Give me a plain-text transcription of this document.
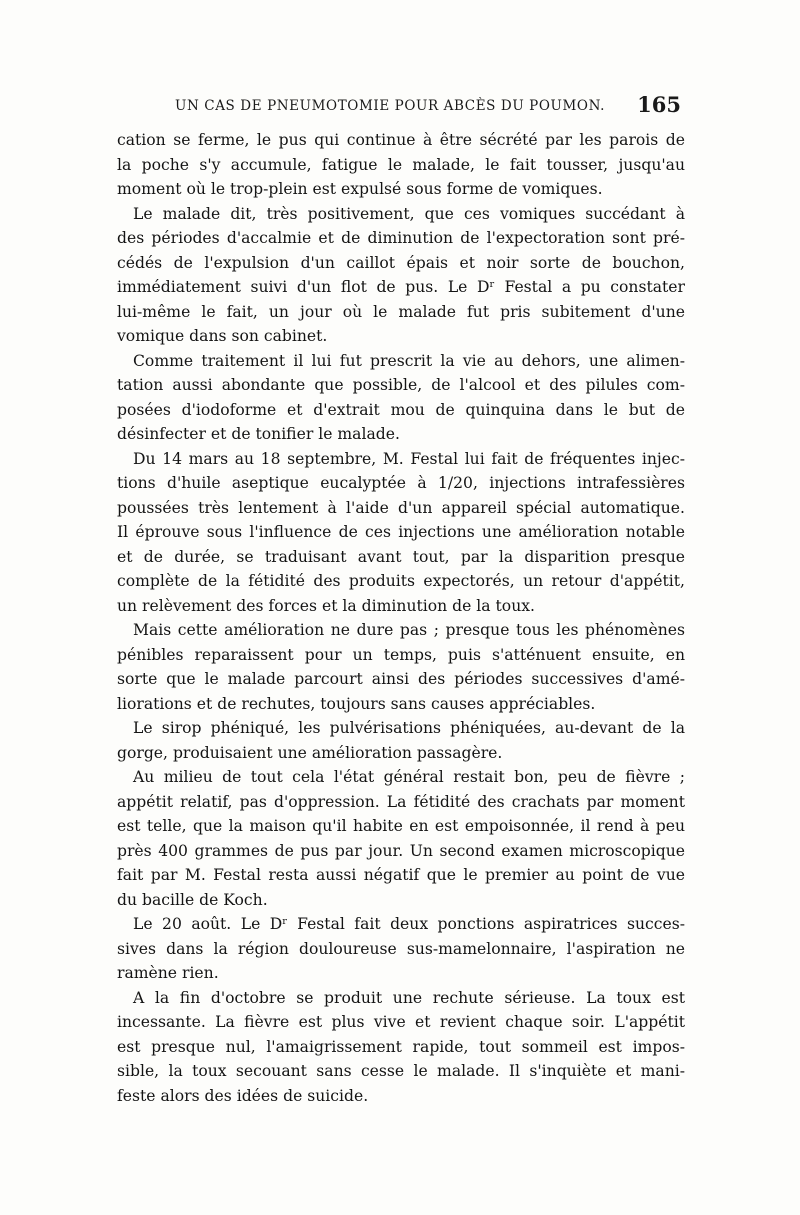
UN CAS DE PNEUMOTOMIE POUR ABCÈS DU POUMON. 165
cation se ferme, le pus qui continue à être sécrété par les parois de
la poche s'y accumule, fatigue le malade, le fait tousser, jusqu'au
moment où le trop-plein est expulsé sous forme de vomiques.
Le malade dit, très positivement, que ces vomiques succédant à
des périodes d'accalmie et de diminution de l'expectoration sont pré-
cédés de l'expulsion d'un caillot épais et noir sorte de bouchon,
immédiatement suivi d'un flot de pus. Le Dʳ Festal a pu constater
lui-même le fait, un jour où le malade fut pris subitement d'une
vomique dans son cabinet.
Comme traitement il lui fut prescrit la vie au dehors, une alimen-
tation aussi abondante que possible, de l'alcool et des pilules com-
posées d'iodoforme et d'extrait mou de quinquina dans le but de
désinfecter et de tonifier le malade.
Du 14 mars au 18 septembre, M. Festal lui fait de fréquentes injec-
tions d'huile aseptique eucalyptée à 1/20, injections intrafessières
poussées très lentement à l'aide d'un appareil spécial automatique.
Il éprouve sous l'influence de ces injections une amélioration notable
et de durée, se traduisant avant tout, par la disparition presque
complète de la fétidité des produits expectorés, un retour d'appétit,
un relèvement des forces et la diminution de la toux.
Mais cette amélioration ne dure pas ; presque tous les phénomènes
pénibles reparaissent pour un temps, puis s'atténuent ensuite, en
sorte que le malade parcourt ainsi des périodes successives d'amé-
liorations et de rechutes, toujours sans causes appréciables.
Le sirop phéniqué, les pulvérisations phéniquées, au-devant de la
gorge, produisaient une amélioration passagère.
Au milieu de tout cela l'état général restait bon, peu de fièvre ;
appétit relatif, pas d'oppression. La fétidité des crachats par moment
est telle, que la maison qu'il habite en est empoisonnée, il rend à peu
près 400 grammes de pus par jour. Un second examen microscopique
fait par M. Festal resta aussi négatif que le premier au point de vue
du bacille de Koch.
Le 20 août. Le Dʳ Festal fait deux ponctions aspiratrices succes-
sives dans la région douloureuse sus-mamelonnaire, l'aspiration ne
ramène rien.
A la fin d'octobre se produit une rechute sérieuse. La toux est
incessante. La fièvre est plus vive et revient chaque soir. L'appétit
est presque nul, l'amaigrissement rapide, tout sommeil est impos-
sible, la toux secouant sans cesse le malade. Il s'inquiète et mani-
feste alors des idées de suicide.
